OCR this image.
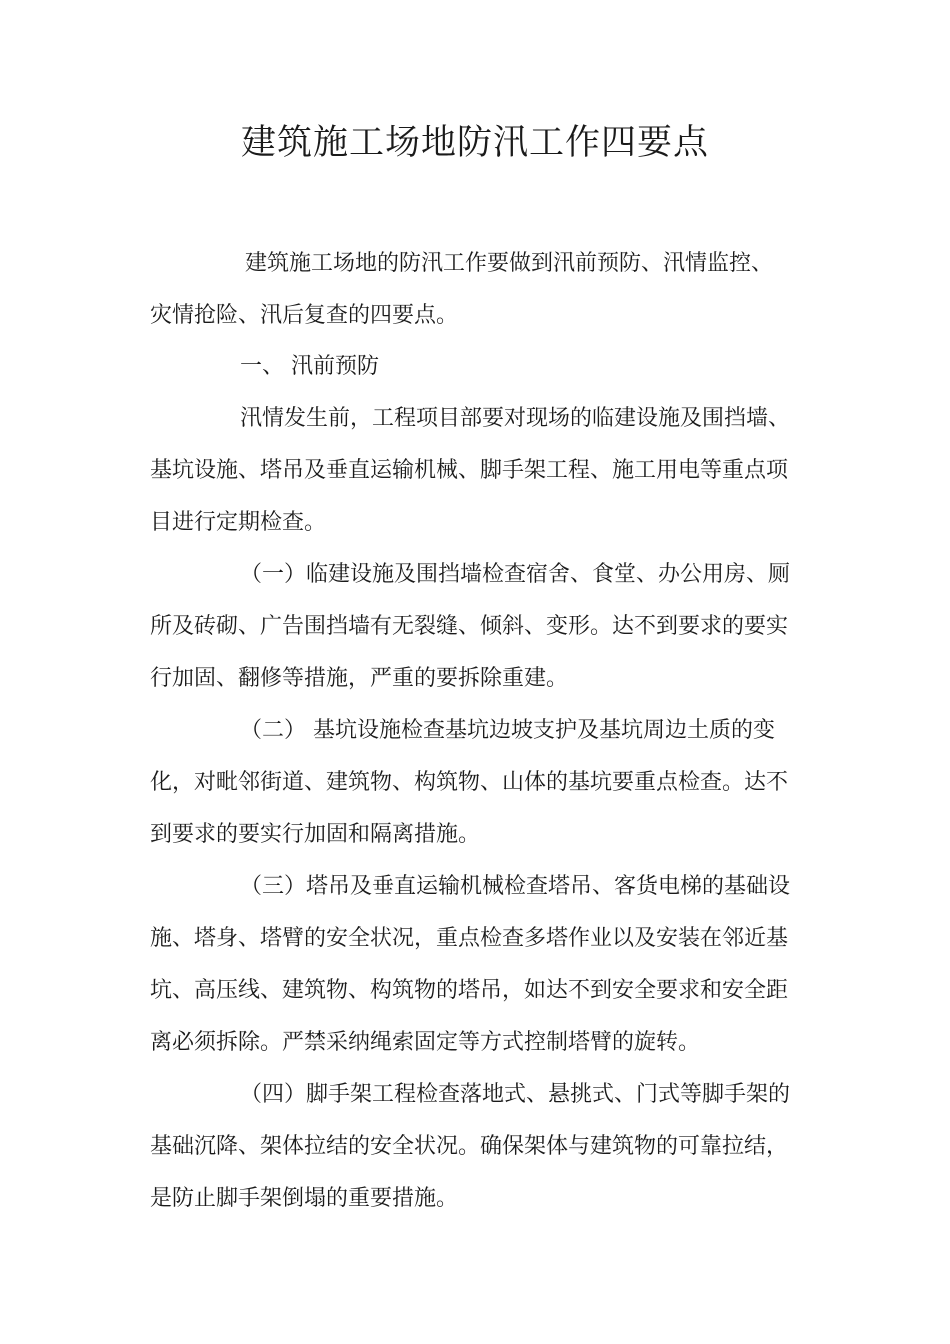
建筑施工场地防汛工作四要点
建筑施工场地的防汛工作要做到汛前预防、汛情监控、
灾情抢险、汛后复查的四要点。
一、 汛前预防
汛情发生前，工程项目部要对现场的临建设施及围挡墙、
基坑设施、塔吊及垂直运输机械、脚手架工程、施工用电等重点项
目进行定期检查。
（一）临建设施及围挡墙检查宿舍、食堂、办公用房、厕
所及砖砌、广告围挡墙有无裂缝、倾斜、变形。达不到要求的要实
行加固、翻修等措施，严重的要拆除重建。
（二） 基坑设施检查基坑边坡支护及基坑周边土质的变
化，对毗邻街道、建筑物、构筑物、山体的基坑要重点检查。达不
到要求的要实行加固和隔离措施。
（三）塔吊及垂直运输机械检查塔吊、客货电梯的基础设
施、塔身、塔臂的安全状况，重点检查多塔作业以及安装在邻近基
坑、高压线、建筑物、构筑物的塔吊，如达不到安全要求和安全距
离必须拆除。严禁采纳绳索固定等方式控制塔臂的旋转。
（四）脚手架工程检查落地式、悬挑式、门式等脚手架的
基础沉降、架体拉结的安全状况。确保架体与建筑物的可靠拉结，
是防止脚手架倒塌的重要措施。
